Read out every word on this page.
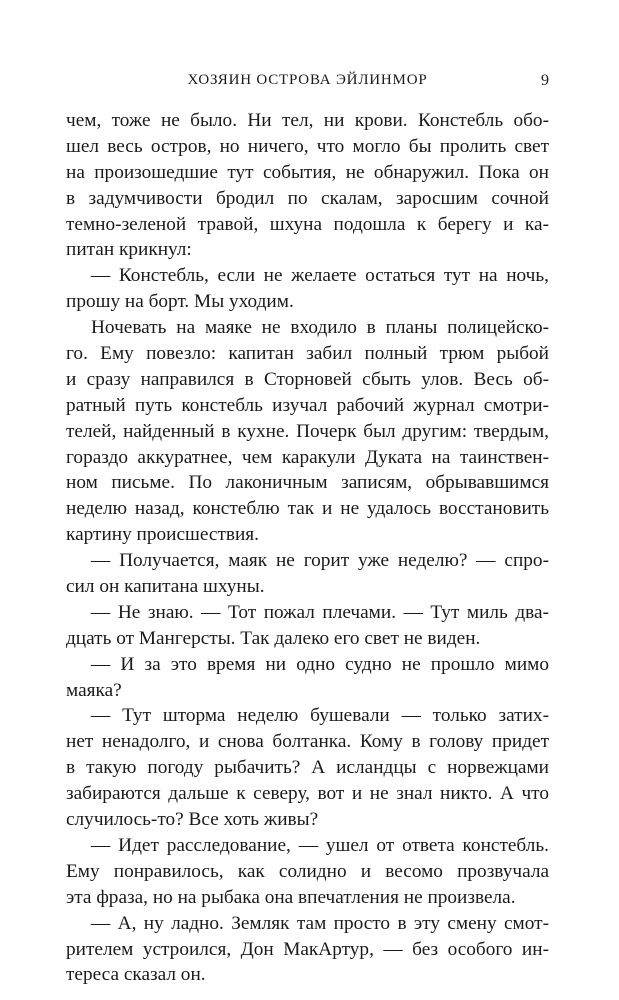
ХОЗЯИН ОСТРОВА ЭЙЛИНМОР	9
чем, тоже не было. Ни тел, ни крови. Констебль обо-
шел весь остров, но ничего, что могло бы пролить свет
на произошедшие тут события, не обнаружил. Пока он
в задумчивости бродил по скалам, заросшим сочной
темно-зеленой травой, шхуна подошла к берегу и ка-
питан крикнул:
— Констебль, если не желаете остаться тут на ночь,
прошу на борт. Мы уходим.
Ночевать на маяке не входило в планы полицейско-
го. Ему повезло: капитан забил полный трюм рыбой
и сразу направился в Сторновей сбыть улов. Весь об-
ратный путь констебль изучал рабочий журнал смотри-
телей, найденный в кухне. Почерк был другим: твердым,
гораздо аккуратнее, чем каракули Дуката на таинствен-
ном письме. По лаконичным записям, обрывавшимся
неделю назад, констеблю так и не удалось восстановить
картину происшествия.
— Получается, маяк не горит уже неделю? — спро-
сил он капитана шхуны.
— Не знаю. — Тот пожал плечами. — Тут миль два-
дцать от Мангерсты. Так далеко его свет не виден.
— И за это время ни одно судно не прошло мимо
маяка?
— Тут шторма неделю бушевали — только затих-
нет ненадолго, и снова болтанка. Кому в голову придет
в такую погоду рыбачить? А исландцы с норвежцами
забираются дальше к северу, вот и не знал никто. А что
случилось-то? Все хоть живы?
— Идет расследование, — ушел от ответа констебль.
Ему понравилось, как солидно и весомо прозвучала
эта фраза, но на рыбака она впечатления не произвела.
— А, ну ладно. Земляк там просто в эту смену смот-
рителем устроился, Дон МакАртур, — без особого ин-
тереса сказал он.
